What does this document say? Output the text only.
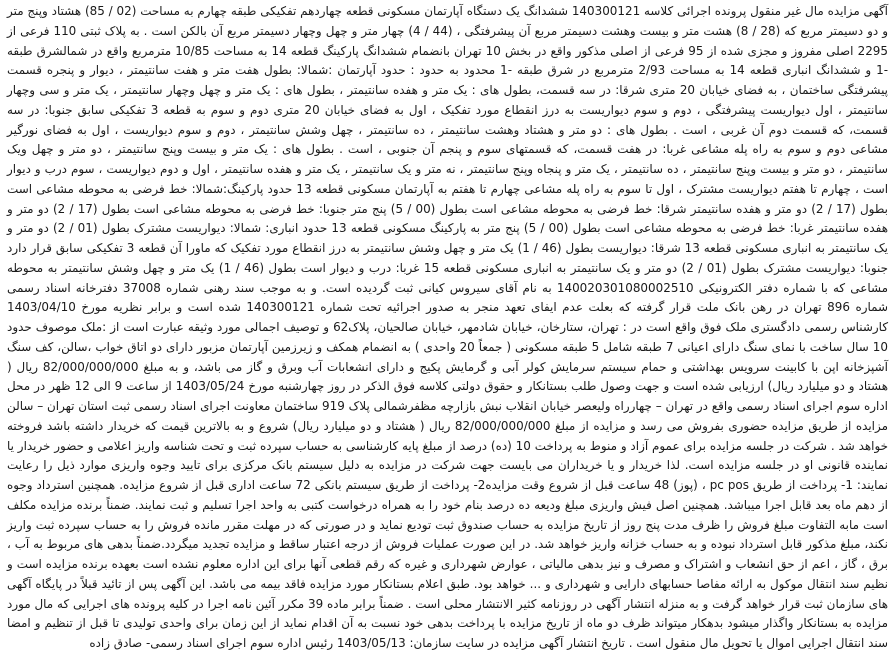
آگهی مزایده مال غیر منقول پرونده اجرائی کلاسه 140300121 ششدانگ یک دستگاه آپارتمان مسکونی قطعه چهاردهم تفکیکی طبقه چهارم به مساحت (02 / 85) هشتاد وپنج متر و دو دسیمتر مربع که (28 / 8) هشت متر و بیست وهشت دسیمتر مربع آن پیشرفتگی ، (44 / 4) چهار متر و چهل وچهار دسیمتر مربع آن بالکن است . به پلاک ثبتی 110 فرعی از 2295 اصلی مفروز و مجزی شده از 95 فرعی از اصلی مذکور واقع در بخش 10 تهران بانضمام ششدانگ پارکینگ قطعه 14 به مساحت 10/85 مترمربع واقع در شمالشرق طبقه -1 و ششدانگ انباری قطعه 14 به مساحت 2/93 مترمربع در شرق طبقه -1 محدود به حدود : حدود آپارتمان :شمالا: بطول هفت متر و هفت سانتیمتر ، دیوار و پنجره قسمت پیشرفتگی ساختمان ، به فضای خیابان 20 متری شرقا: در سه قسمت، بطول های : یک متر و هفده سانتیمتر ، بطول های : یک متر و چهل وچهار سانتیمتر ، یک متر و سی وچهار سانتیمتر ، اول دیواریست پیشرفتگی ، دوم و سوم دیواریست به درز انقطاع مورد تفکیک ، اول به فضای خیابان 20 متری دوم و سوم به قطعه 3 تفکیکی سابق جنوبا: در سه قسمت، که قسمت دوم آن غربی ، است . بطول های : دو متر و هشتاد وهشت سانتیمتر ، ده سانتیمتر ، چهل وشش سانتیمتر ، دوم و سوم دیواریست ، اول به فضای نورگیر مشاعی دوم و سوم به راه پله مشاعی غربا: در هفت قسمت، که قسمتهای سوم و پنجم آن جنوبی ، است . بطول های : یک متر و بیست وپنج سانتیمتر ، دو متر و چهل ویک سانتیمتر ، دو متر و بیست وپنج سانتیمتر ، ده سانتیمتر ، یک متر و پنجاه وپنج سانتیمتر ، نه متر و یک سانتیمتر ، یک متر و هفده سانتیمتر ، اول و دوم دیواریست ، سوم درب و دیوار است ، چهارم تا هفتم دیواریست مشترک ، اول تا سوم به راه پله مشاعی چهارم تا هفتم به آپارتمان مسکونی قطعه 13 حدود پارکینگ:شمالا: خط فرضی به محوطه مشاعی است بطول (17 / 2) دو متر و هفده سانتیمتر شرقا: خط فرضی به محوطه مشاعی است بطول (00 / 5) پنج متر جنوبا: خط فرضی به محوطه مشاعی است بطول (17 / 2) دو متر و هفده سانتیمتر غربا: خط فرضی به محوطه مشاعی است بطول (00 / 5) پنج متر به پارکینگ مسکونی قطعه 13 حدود انباری: شمالا: دیواریست مشترک بطول (01 / 2) دو متر و یک سانتیمتر به انباری مسکونی قطعه 13 شرقا: دیواریست بطول (46 / 1) یک متر و چهل وشش سانتیمتر به درز انقطاع مورد تفکیک که ماورا آن قطعه 3 تفکیکی سابق قرار دارد جنوبا: دیواریست مشترک بطول (01 / 2) دو متر و یک سانتیمتر به انباری مسکونی قطعه 15 غربا: درب و دیوار است بطول (46 / 1) یک متر و چهل وشش سانتیمتر به محوطه مشاعی که با شماره دفتر الکترونیکی 140020301080002510 به نام آقای سیروس کیانی ثبت گردیده است. و به موجب سند رهنی شماره 37008 دفترخانه اسناد رسمی شماره 896 تهران در رهن بانک ملت قرار گرفته که بعلت عدم ایفای تعهد منجر به صدور اجرائیه تحت شماره 140300121 شده است و برابر نظریه مورخ 1403/04/10 کارشناس رسمی دادگستری ملک فوق واقع است در : تهران، ستارخان، خیابان شادمهر، خیابان صالحیان، پلاک62 و توصیف اجمالی مورد وثیقه عبارت است از :ملک موصوف حدود 10 سال ساخت با نمای سنگ دارای اعیانی 7 طبقه شامل 5 طبقه مسکونی ( جمعاً 20 واحدی ) به انضمام همکف و زیرزمین آپارتمان مزبور دارای دو اتاق خواب ،سالن، کف سنگ آشپزخانه اپن با کابینت سرویس بهداشتی و حمام سیستم سرمایش کولر آبی و گرمایش پکیج و دارای انشعابات آب وبرق و گاز می باشد، و به مبلغ 82/000/000/000 ریال ( هشتاد و دو میلیارد ریال) ارزیابی شده است و جهت وصول طلب بستانکار و حقوق دولتی کلاسه فوق الذکر در روز چهارشنبه مورخ 1403/05/24 از ساعت 9 الی 12 ظهر در محل اداره سوم اجرای اسناد رسمی واقع در تهران – چهارراه ولیعصر خیابان انقلاب نبش بازارچه مظفرشمالی پلاک 919 ساختمان معاونت اجرای اسناد رسمی ثبت استان تهران – سالن مزایده از طریق مزایده حضوری بفروش می رسد و مزایده از مبلغ 82/000/000/000 ریال ( هشتاد و دو میلیارد ریال) شروع و به بالاترین قیمت که خریدار داشته باشد فروخته خواهد شد . شرکت در جلسه مزایده برای عموم آزاد و منوط به پرداخت 10 (ده) درصد از مبلغ پایه کارشناسی به حساب سپرده ثبت و تحت شناسه واریز اعلامی و حضور خریدار یا نماینده قانونی او در جلسه مزایده است. لذا خریدار و یا خریداران می بایست جهت شرکت در مزایده به دلیل سیستم بانک مرکزی برای تایید وجوه واریزی موارد ذیل را رعایت نمایند: 1- پرداخت از طریق pc pos ، (پوز) 48 ساعت قبل از شروع وقت مزایده2- پرداخت از طریق سیستم بانکی 72 ساعت اداری قبل از شروع مزایده. همچنین استرداد وجوه از دهم ماه بعد قابل اجرا میباشد. همچنین اصل فیش واریزی مبلغ ودیعه ده درصد بنام خود را به همراه درخواست کتبی به واحد اجرا تسلیم و ثبت نمایند. ضمناً برنده مزایده مکلف است مابه التفاوت مبلغ فروش را ظرف مدت پنج روز از تاریخ مزایده به حساب صندوق ثبت تودیع نماید و در صورتی که در مهلت مقرر مانده فروش را به حساب سپرده ثبت واریز نکند، مبلغ مذکور قابل استرداد نبوده و به حساب خزانه واریز خواهد شد. در این صورت عملیات فروش از درجه اعتبار ساقط و مزایده تجدید میگردد.ضمناً بدهی های مربوط به آب ، برق ، گاز ، اعم از حق انشعاب و اشتراک و مصرف و نیز بدهی مالیاتی ، عوارض شهرداری و غیره که رقم قطعی آنها برای این اداره معلوم نشده است بعهده برنده مزایده است و نظیم سند انتقال موکول به ارائه مفاصا حسابهای دارایی و شهرداری و ... خواهد بود. طبق اعلام بستانکار مورد مزایده فاقد بیمه می باشد. این آگهی پس از تائید قبلاً در پایگاه آگهی های سازمان ثبت قرار خواهد گرفت و به منزله انتشار آگهی در روزنامه کثیر الانتشار محلی است . ضمناً برابر ماده 39 مکرر آئین نامه اجرا در کلیه پرونده های اجرایی که مال مورد مزایده به بستانکار واگذار میشود بدهکار میتواند ظرف دو ماه از تاریخ مزایده با پرداخت بدهی خود نسبت به آن اقدام نماید از این زمان برای واحدی تولیدی تا قبل از تنظیم و امضا سند انتقال اجرایی اموال یا تحویل مال منقول است . تاریخ انتشار آگهی مزایده در سایت سازمان: 1403/05/13 رئیس اداره سوم اجرای اسناد رسمی- صادق زاده
